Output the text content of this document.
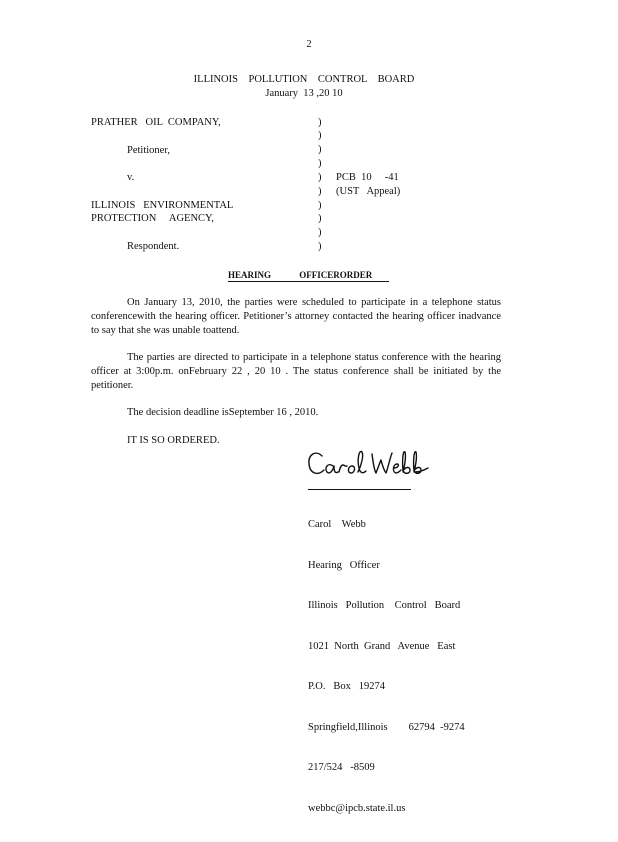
2
ILLINOIS    POLLUTION    CONTROL    BOARD
January  13 ,20 10
PRATHER   OIL  COMPANY,
Petitioner,
v.
ILLINOIS   ENVIRONMENTAL
PROTECTION     AGENCY,
Respondent.
)
)
)
)
)
)
)
)
)
)
PCB  10     -41
(UST   Appeal)
HEARING OFFICERORDER
On January 13, 2010, the parties were scheduled to participate in a telephone status conferencewith the hearing officer. Petitioner’s attorney contacted the hearing officer inadvance to say that she was unable toattend.
The parties are directed to participate in a telephone status conference with the hearing officer at 3:00p.m. onFebruary 22 , 20 10 . The status conference shall be initiated by the petitioner.
The decision deadline isSeptember 16 , 2010.
IT IS SO ORDERED.

Carol    Webb

Hearing   Officer

Illinois   Pollution    Control   Board

1021  North  Grand   Avenue   East

P.O.   Box   19274

Springfield,Illinois        62794  -9274

217/524   -8509

webbc@ipcb.state.il.us
